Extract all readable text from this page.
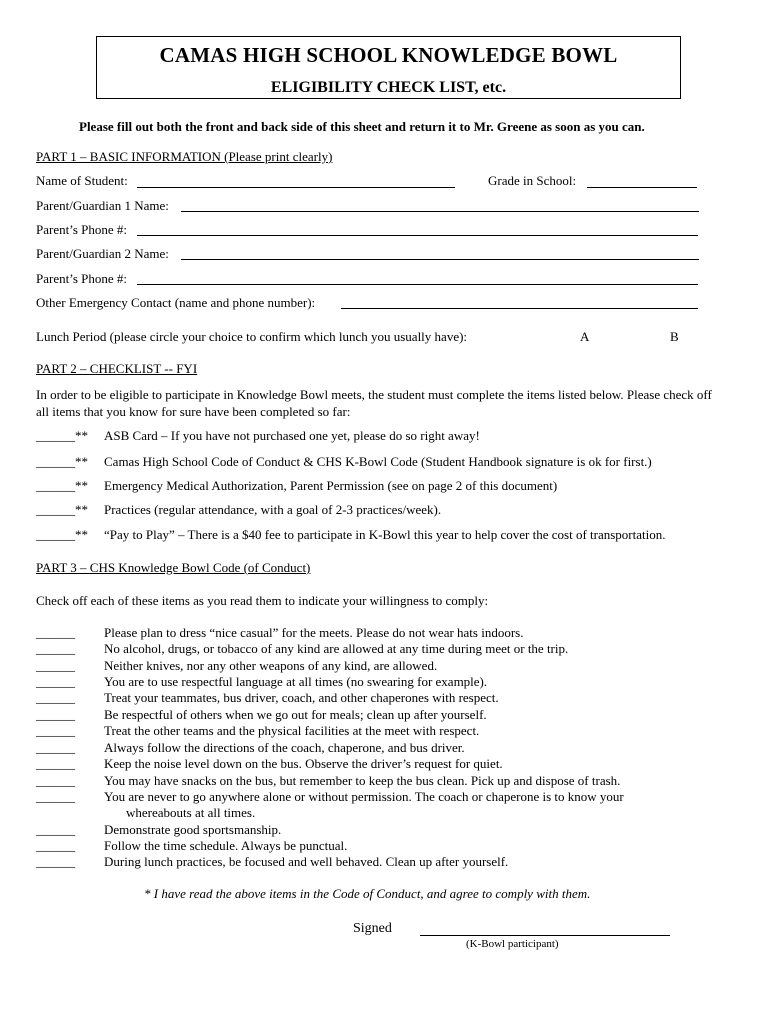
CAMAS HIGH SCHOOL KNOWLEDGE BOWL
ELIGIBILITY CHECK LIST, etc.
Please fill out both the front and back side of this sheet and return it to Mr. Greene as soon as you can.
PART 1 – BASIC INFORMATION (Please print clearly)
Name of Student:	Grade in School:
Parent/Guardian 1 Name:
Parent’s Phone #:
Parent/Guardian 2 Name:
Parent’s Phone #:
Other Emergency Contact (name and phone number):
Lunch Period (please circle your choice to confirm which lunch you usually have):	A	B
PART 2 – CHECKLIST -- FYI
In order to be eligible to participate in Knowledge Bowl meets, the student must complete the items listed below. Please check off all items that you know for sure have been completed so far:
______** ASB Card – If you have not purchased one yet, please do so right away!
______** Camas High School Code of Conduct & CHS K-Bowl Code (Student Handbook signature is ok for first.)
______** Emergency Medical Authorization, Parent Permission (see on page 2 of this document)
______** Practices (regular attendance, with a goal of 2-3 practices/week).
______** “Pay to Play” – There is a $40 fee to participate in K-Bowl this year to help cover the cost of transportation.
PART 3 – CHS Knowledge Bowl Code (of Conduct)
Check off each of these items as you read them to indicate your willingness to comply:
______ Please plan to dress “nice casual” for the meets. Please do not wear hats indoors.
______ No alcohol, drugs, or tobacco of any kind are allowed at any time during meet or the trip.
______ Neither knives, nor any other weapons of any kind, are allowed.
______ You are to use respectful language at all times (no swearing for example).
______ Treat your teammates, bus driver, coach, and other chaperones with respect.
______ Be respectful of others when we go out for meals; clean up after yourself.
______ Treat the other teams and the physical facilities at the meet with respect.
______ Always follow the directions of the coach, chaperone, and bus driver.
______ Keep the noise level down on the bus. Observe the driver’s request for quiet.
______ You may have snacks on the bus, but remember to keep the bus clean. Pick up and dispose of trash.
______ You are never to go anywhere alone or without permission. The coach or chaperone is to know your
______ Demonstrate good sportsmanship.
______ Follow the time schedule. Always be punctual.
______ During lunch practices, be focused and well behaved. Clean up after yourself.
whereabouts at all times.
* I have read the above items in the Code of Conduct, and agree to comply with them.
Signed
(K-Bowl participant)
